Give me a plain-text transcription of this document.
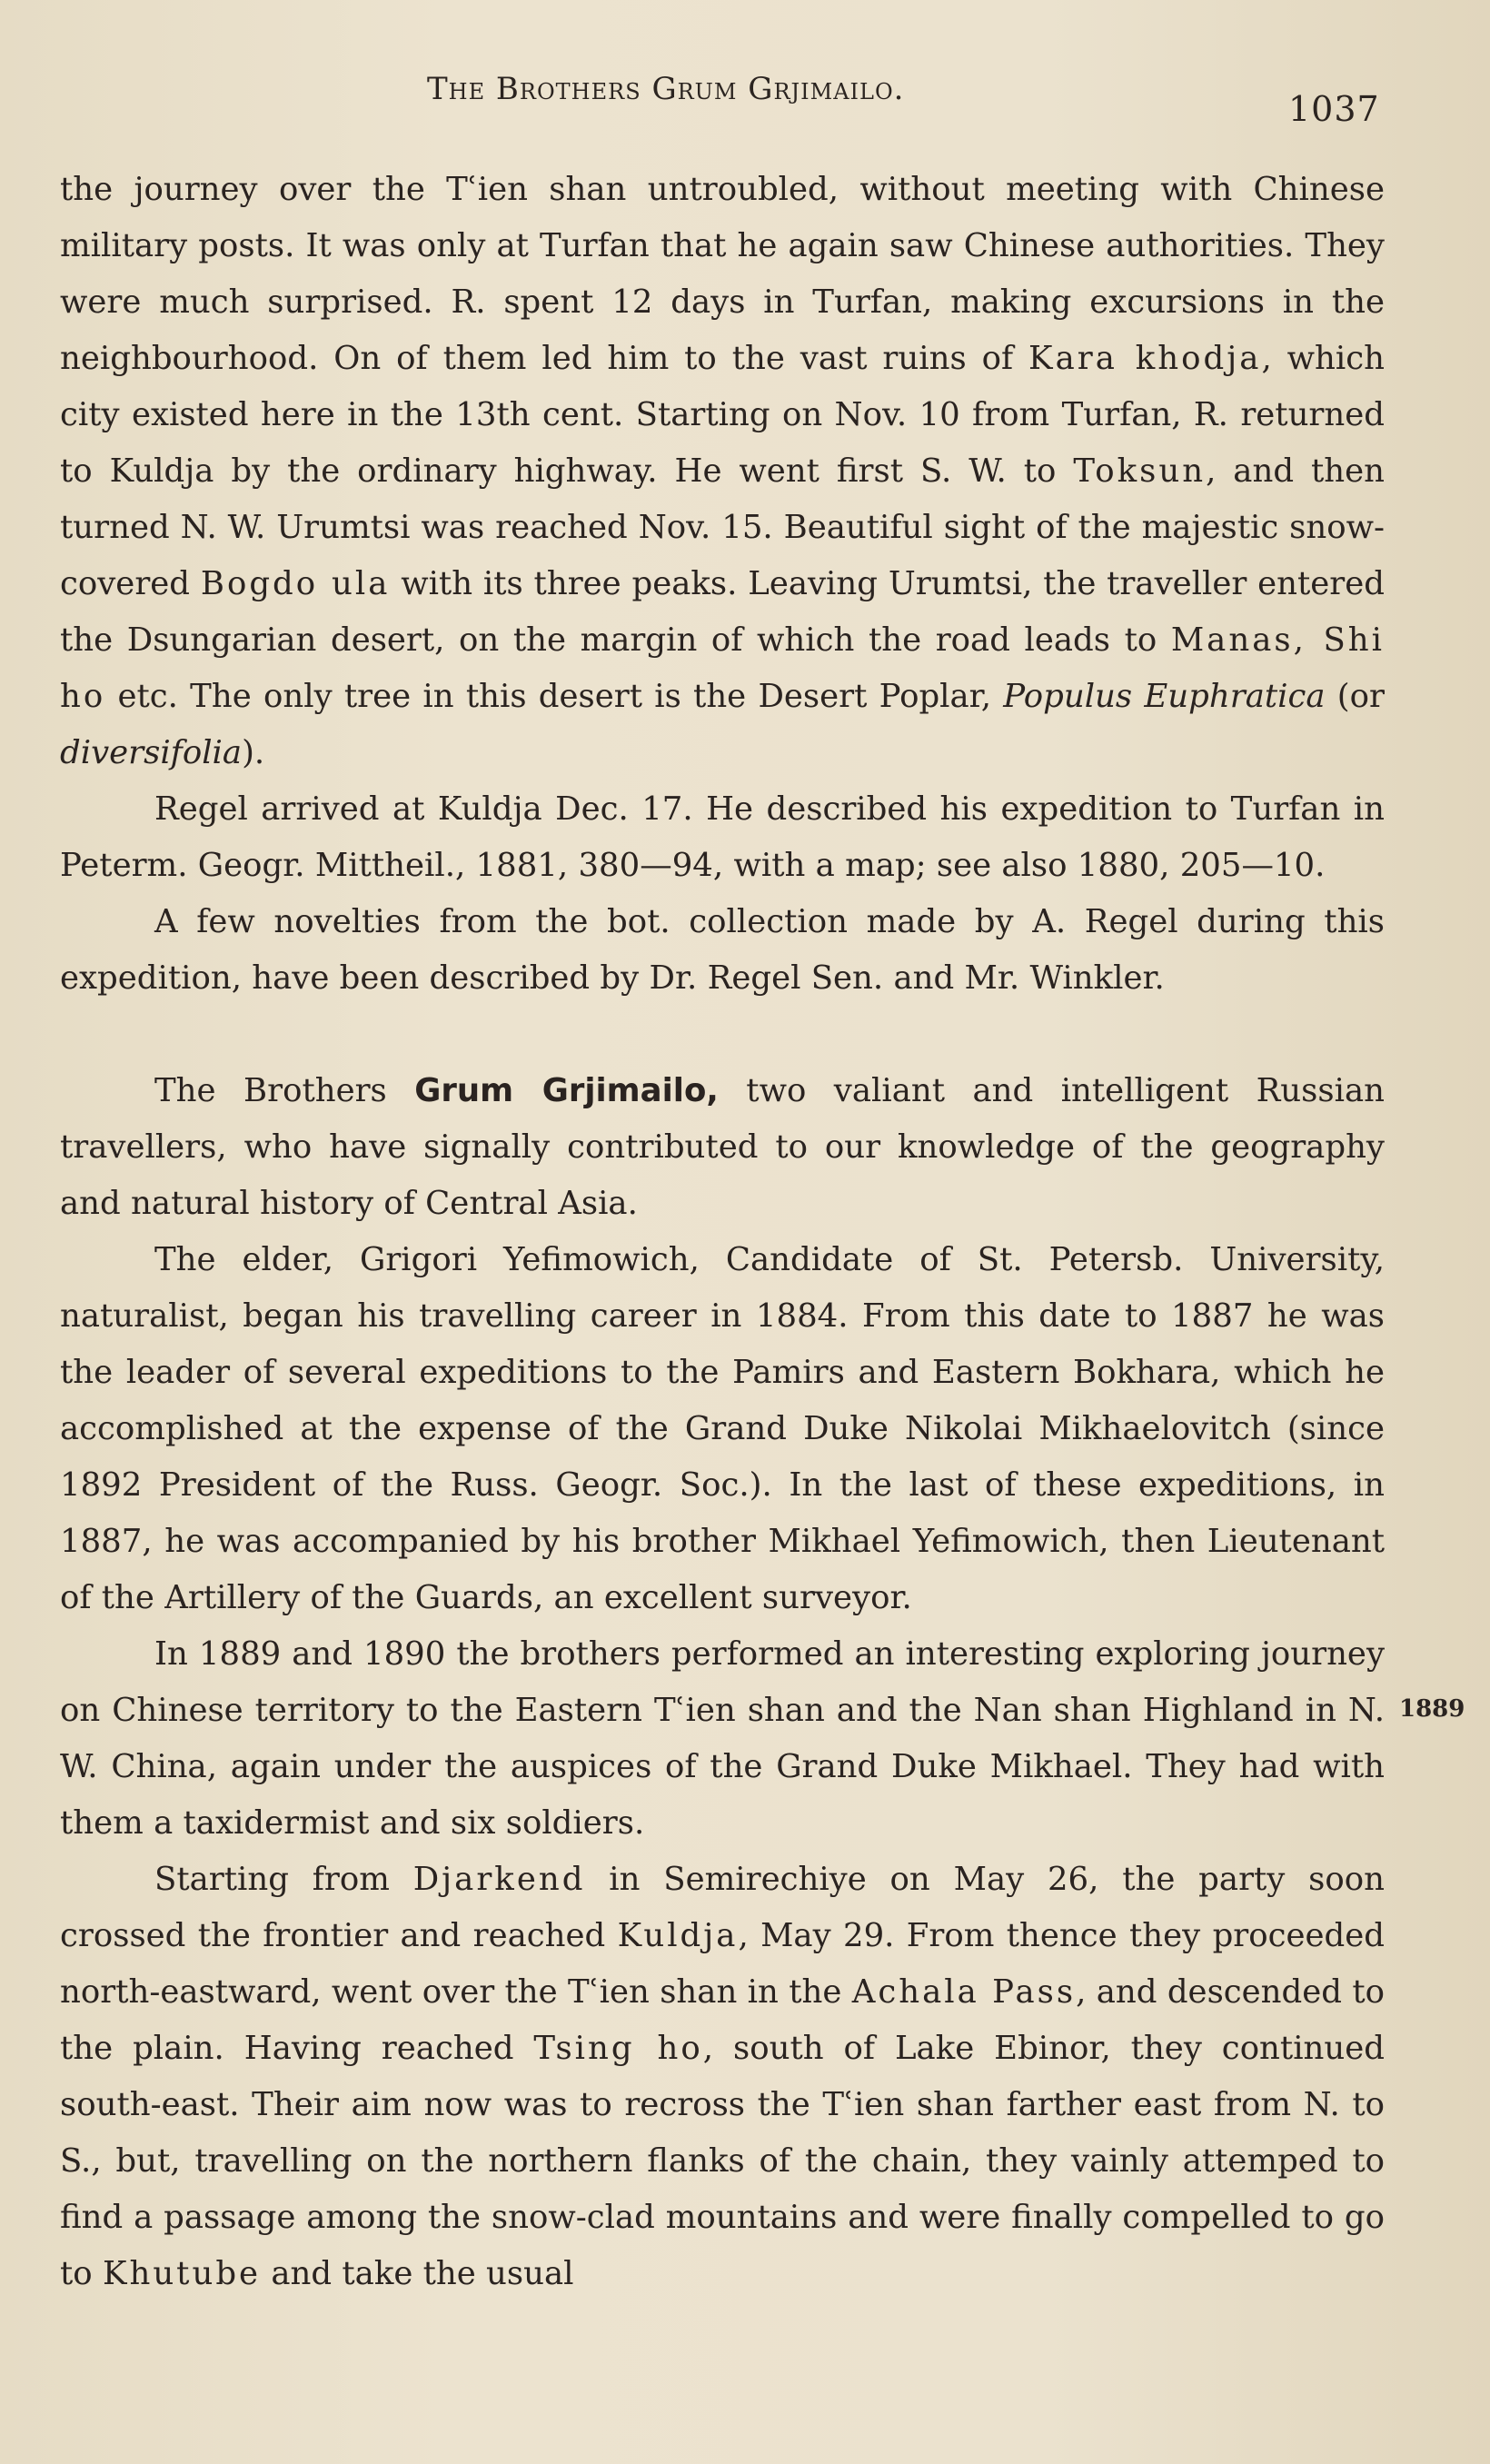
The Brothers Grum Grjimailo.	1037

the journey over the Tʿien shan untroubled, without meeting with Chinese military posts. It was only at Turfan that he again saw Chinese authorities. They were much surprised. R. spent 12 days in Turfan, making excursions in the neighbourhood. On of them led him to the vast ruins of Kara khodja, which city existed here in the 13th cent. Starting on Nov. 10 from Turfan, R. returned to Kuldja by the ordinary highway. He went first S. W. to Toksun, and then turned N. W. Urumtsi was reached Nov. 15. Beautiful sight of the majestic snow-covered Bogdo ula with its three peaks. Leaving Urumtsi, the traveller entered the Dsungarian desert, on the margin of which the road leads to Manas, Shi ho etc. The only tree in this desert is the Desert Poplar, Populus Euphratica (or diversifolia).

Regel arrived at Kuldja Dec. 17. He described his expedition to Turfan in Peterm. Geogr. Mittheil., 1881, 380—94, with a map; see also 1880, 205—10.

A few novelties from the bot. collection made by A. Regel during this expedition, have been described by Dr. Regel Sen. and Mr. Winkler.

The Brothers Grum Grjimailo, two valiant and intelligent Russian travellers, who have signally contributed to our knowledge of the geography and natural history of Central Asia.

The elder, Grigori Yefimowich, Candidate of St. Petersb. University, naturalist, began his travelling career in 1884. From this date to 1887 he was the leader of several expeditions to the Pamirs and Eastern Bokhara, which he accomplished at the expense of the Grand Duke Nikolai Mikhaelovitch (since 1892 President of the Russ. Geogr. Soc.). In the last of these expeditions, in 1887, he was accompanied by his brother Mikhael Yefimowich, then Lieutenant of the Artillery of the Guards, an excellent surveyor.

In 1889 and 1890 the brothers performed an interesting exploring journey on Chinese territory to the Eastern Tʿien shan and the Nan shan Highland in N. W. China, again under the auspices of the Grand Duke Mikhael. They had with them a taxidermist and six soldiers.

Starting from Djarkend in Semirechiye on May 26, the party soon crossed the frontier and reached Kuldja, May 29. From thence they proceeded north-eastward, went over the Tʿien shan in the Achala Pass, and descended to the plain. Having reached Tsing ho, south of Lake Ebinor, they continued south-east. Their aim now was to recross the Tʿien shan farther east from N. to S., but, travelling on the northern flanks of the chain, they vainly attemped to find a passage among the snow-clad mountains and were finally compelled to go to Khutube and take the usual

1889
